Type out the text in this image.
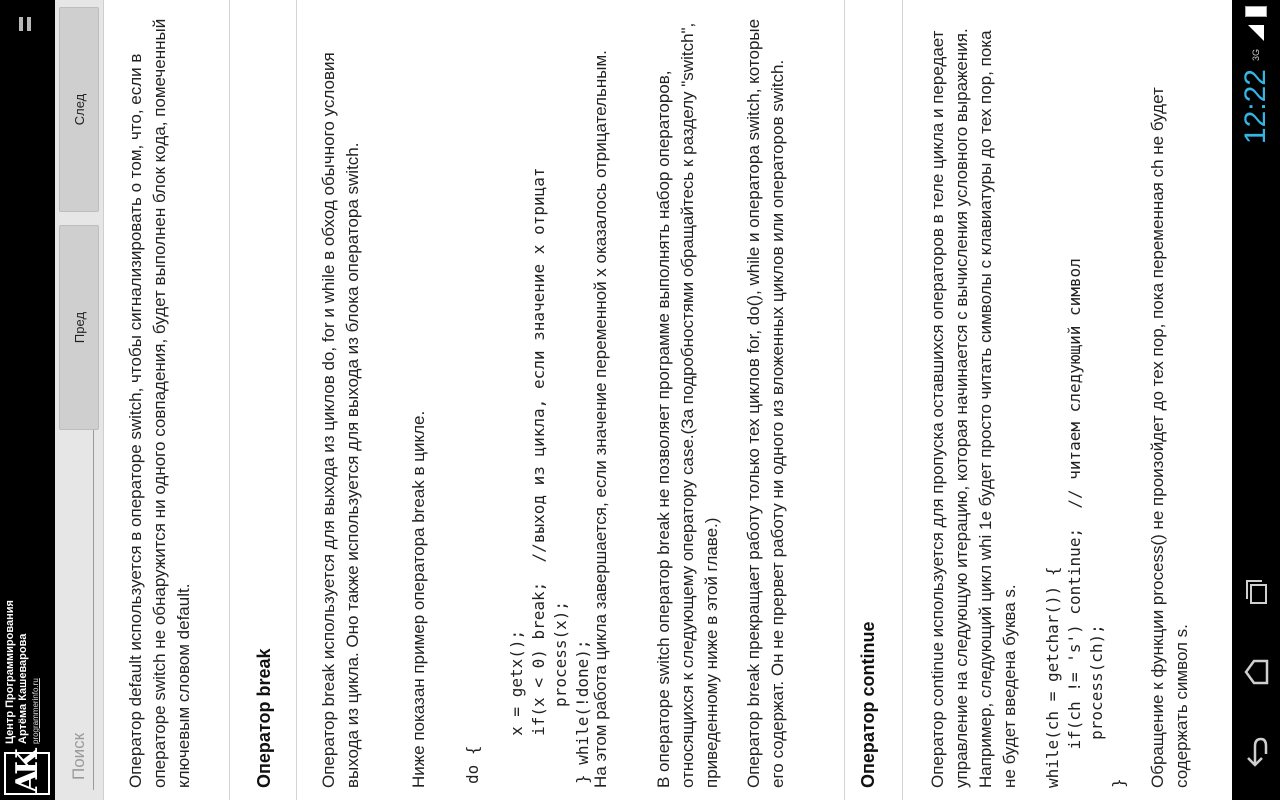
АК
Центр Программирования Артёма Кашеварова programmerinfo.ru
Поиск
Пред
След	Оператор default используется в операторе switch, чтобы сигнализировать о том, что, если в операторе switch не обнаружится ни одного совпадения, будет выполнен блок кода, помеченный ключевым словом default.	Оператор break	Оператор break используется для выхода из циклов do, for и while в обход обычного условия выхода из цикла. Оно также используется для выхода из блока оператора switch.	Ниже показан пример оператора break в цикле. do {

x = getx();
if(x < 0) break;  //выход из цикла, если значение x отрицат
process(x);
} while(!done); На этом работа цикла завершается, если значение переменной x оказалось отрицательным.	В операторе switch оператор break не позволяет программе выполнять набор операторов, относящихся к следующему оператору case.(За подробностями обращайтесь к разделу "switch", приведенному ниже в этой главе.) Оператор break прекращает работу только тех циклов for, do(), while и оператора switch, которые его содержат. Он не прервет работу ни одного из вложенных циклов или операторов switch.	Оператор continue	Оператор continue используется для пропуска оставшихся операторов в теле цикла и передает управление на следующую итерацию, которая начинается с вычисления условного выражения. Например, следующий цикл whi 1e будет просто читать символы с клавиатуры до тех пор, пока не будет введена буква s. while(ch = getchar()) {
if(ch != 's') continue;  // читаем следующий символ
process(ch);
} Обращение к функции process() не произойдет до тех пор, пока переменная ch не будет содержать символ s.

12:22
3G
